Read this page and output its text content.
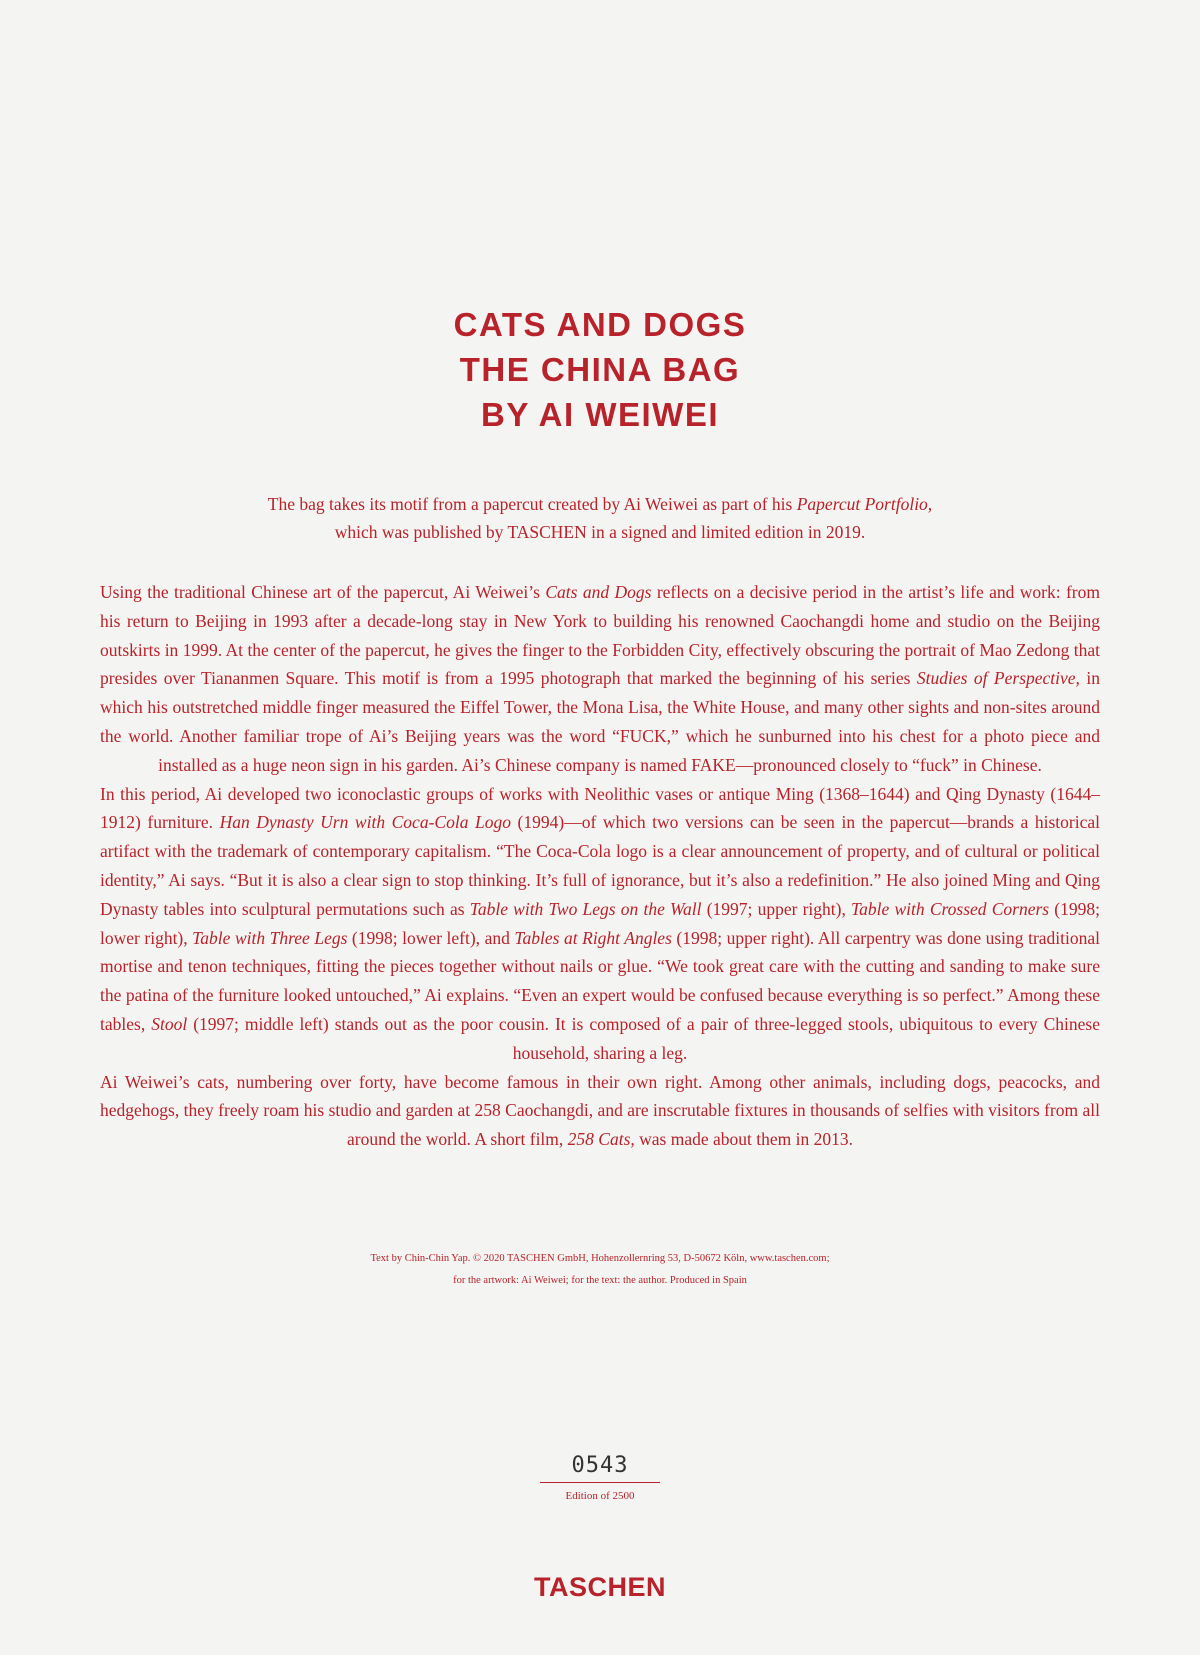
CATS AND DOGS
THE CHINA BAG
BY AI WEIWEI
The bag takes its motif from a papercut created by Ai Weiwei as part of his Papercut Portfolio,
which was published by TASCHEN in a signed and limited edition in 2019.

Using the traditional Chinese art of the papercut, Ai Weiwei’s Cats and Dogs reflects on a decisive period in the artist’s life and work: from his return to Beijing in 1993 after a decade-long stay in New York to building his renowned Caochangdi home and studio on the Beijing outskirts in 1999. At the center of the papercut, he gives the finger to the Forbidden City, effectively obscuring the portrait of Mao Zedong that presides over Tiananmen Square. This motif is from a 1995 photograph that marked the beginning of his series Studies of Perspective, in which his outstretched middle finger measured the Eiffel Tower, the Mona Lisa, the White House, and many other sights and non-sites around the world. Another familiar trope of Ai’s Beijing years was the word “FUCK,” which he sunburned into his chest for a photo piece and installed as a huge neon sign in his garden. Ai’s Chinese company is named FAKE—pronounced closely to “fuck” in Chinese.

In this period, Ai developed two iconoclastic groups of works with Neolithic vases or antique Ming (1368–1644) and Qing Dynasty (1644–1912) furniture. Han Dynasty Urn with Coca-Cola Logo (1994)—of which two versions can be seen in the papercut—brands a historical artifact with the trademark of contemporary capitalism. “The Coca-Cola logo is a clear announcement of property, and of cultural or political identity,” Ai says. “But it is also a clear sign to stop thinking. It’s full of ignorance, but it’s also a redefinition.” He also joined Ming and Qing Dynasty tables into sculptural permutations such as Table with Two Legs on the Wall (1997; upper right), Table with Crossed Corners (1998; lower right), Table with Three Legs (1998; lower left), and Tables at Right Angles (1998; upper right). All carpentry was done using traditional mortise and tenon techniques, fitting the pieces together without nails or glue. “We took great care with the cutting and sanding to make sure the patina of the furniture looked untouched,” Ai explains. “Even an expert would be confused because everything is so perfect.” Among these tables, Stool (1997; middle left) stands out as the poor cousin. It is composed of a pair of three-legged stools, ubiquitous to every Chinese household, sharing a leg.

Ai Weiwei’s cats, numbering over forty, have become famous in their own right. Among other animals, including dogs, peacocks, and hedgehogs, they freely roam his studio and garden at 258 Caochangdi, and are inscrutable fixtures in thousands of selfies with visitors from all around the world. A short film, 258 Cats, was made about them in 2013.

Text by Chin-Chin Yap. © 2020 TASCHEN GmbH, Hohenzollernring 53, D-50672 Köln, www.taschen.com;
for the artwork: Ai Weiwei; for the text: the author. Produced in Spain
0543
Edition of 2500
TASCHEN
